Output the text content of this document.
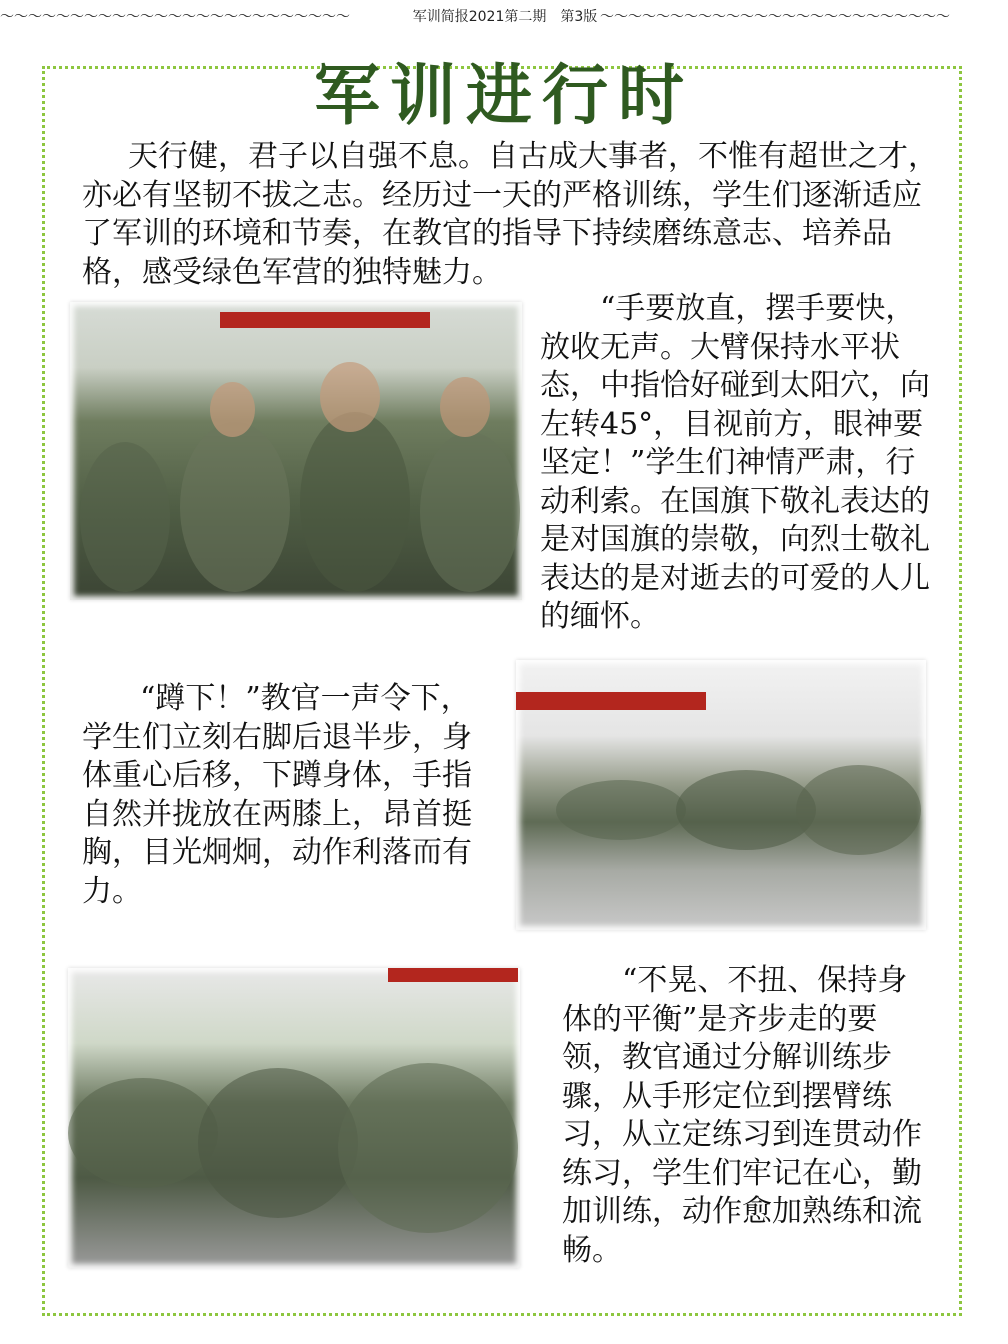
～～～～～～～～～～～～～～～～～～～～～～～～～	军训简报2021第二期　第3版 ～～～～～～～～～～～～～～～～～～～～～～～～～
军训进行时
天行健，君子以自强不息。自古成大事者，不惟有超世之才，亦必有坚韧不拔之志。经历过一天的严格训练，学生们逐渐适应了军训的环境和节奏，在教官的指导下持续磨练意志、培养品格，感受绿色军营的独特魅力。
“手要放直，摆手要快，放收无声。大臂保持水平状态，中指恰好碰到太阳穴，向左转45°，目视前方，眼神要坚定！”学生们神情严肃，行动利索。在国旗下敬礼表达的是对国旗的崇敬，向烈士敬礼表达的是对逝去的可爱的人儿的缅怀。
“蹲下！”教官一声令下，学生们立刻右脚后退半步，身体重心后移，下蹲身体，手指自然并拢放在两膝上，昂首挺胸，目光炯炯，动作利落而有力。
“不晃、不扭、保持身体的平衡”是齐步走的要领，教官通过分解训练步骤，从手形定位到摆臂练习，从立定练习到连贯动作练习，学生们牢记在心，勤加训练，动作愈加熟练和流畅。
